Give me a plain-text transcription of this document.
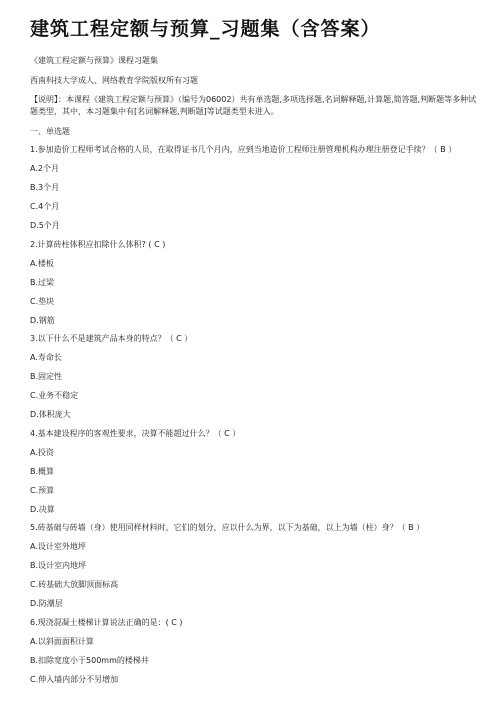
建筑工程定额与预算_习题集（含答案）
《建筑工程定额与预算》课程习题集
西南科技大学成人、网络教育学院版权所有习题
【说明】：本课程《建筑工程定额与预算》（编号为06002）共有单选题,多项选择题,名词解释题,计算题,简答题,判断题等多种试题类型，其中，本习题集中有[名词解释题,判断题]等试题类型未进入。
一、单选题
1.参加造价工程师考试合格的人员，在取得证书几个月内，应到当地造价工程师注册管理机构办理注册登记手续？（ B ）
A.2个月
B.3个月
C.4个月
D.5个月
2.计算砖柱体积应扣除什么体积? ( C )
A.楼板
B.过梁
C.垫块
D.钢筋
3.以下什么不是建筑产品本身的特点？（ C ）
A.寿命长
B.固定性
C.业务不稳定
D.体积庞大
4.基本建设程序的客观性要求，决算不能超过什么？（ C ）
A.投资
B.概算
C.预算
D.决算
5.砖基础与砖墙（身）使用同样材料时，它们的划分，应以什么为界，以下为基础，以上为墙（柱）身？（ B ）
A.设计室外地坪
B.设计室内地坪
C.砖基础大放脚顶面标高
D.防潮层
6.现浇混凝土楼梯计算说法正确的是：( C )
A.以斜面面积计算
B.扣除宽度小于500mm的楼梯井
C.伸入墙内部分不另增加
